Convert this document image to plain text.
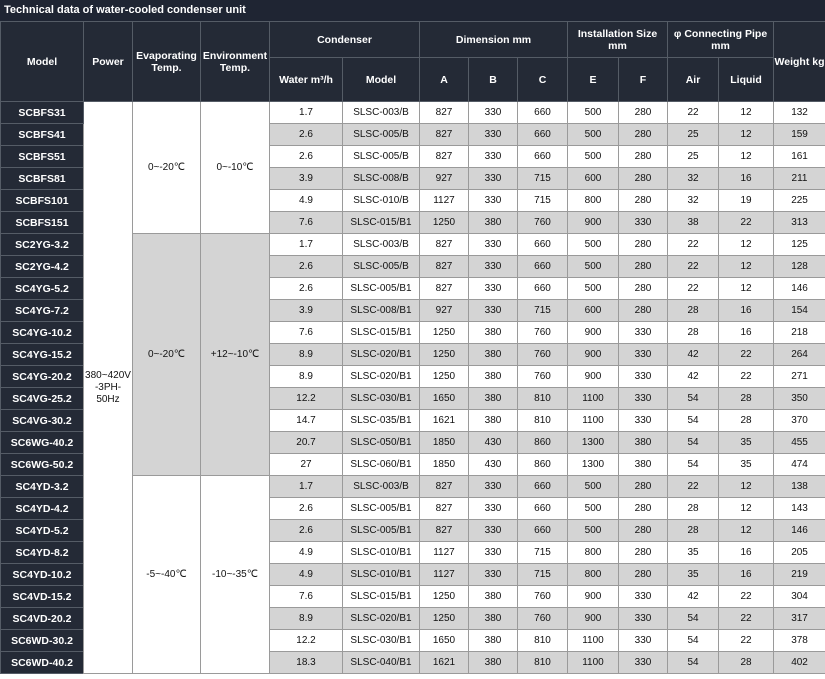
Technical data of water-cooled condenser unit
Model	Power	Evaporating Temp.	Environment Temp.	Condenser		Dimension mm			Installation Size mm		φ Connecting Pipe mm		Weight kg
				Water m³/h	Model	A	B	C	E	F	Air	Liquid	
SCBFS31	380~420V -3PH-50Hz	0~-20℃	0~-10℃	1.7	SLSC-003/B	827	330	660	500	280	22	12	132
SCBFS41				2.6	SLSC-005/B	827	330	660	500	280	25	12	159
SCBFS51				2.6	SLSC-005/B	827	330	660	500	280	25	12	161
SCBFS81				3.9	SLSC-008/B	927	330	715	600	280	32	16	211
SCBFS101				4.9	SLSC-010/B	1127	330	715	800	280	32	19	225
SCBFS151				7.6	SLSC-015/B1	1250	380	760	900	330	38	22	313
SC2YG-3.2		0~-20℃	+12~-10℃	1.7	SLSC-003/B	827	330	660	500	280	22	12	125
SC2YG-4.2				2.6	SLSC-005/B	827	330	660	500	280	22	12	128
SC4YG-5.2				2.6	SLSC-005/B1	827	330	660	500	280	22	12	146
SC4YG-7.2				3.9	SLSC-008/B1	927	330	715	600	280	28	16	154
SC4YG-10.2				7.6	SLSC-015/B1	1250	380	760	900	330	28	16	218
SC4YG-15.2				8.9	SLSC-020/B1	1250	380	760	900	330	42	22	264
SC4YG-20.2				8.9	SLSC-020/B1	1250	380	760	900	330	42	22	271
SC4VG-25.2				12.2	SLSC-030/B1	1650	380	810	1100	330	54	28	350
SC4VG-30.2				14.7	SLSC-035/B1	1621	380	810	1100	330	54	28	370
SC6WG-40.2				20.7	SLSC-050/B1	1850	430	860	1300	380	54	35	455
SC6WG-50.2				27	SLSC-060/B1	1850	430	860	1300	380	54	35	474
SC4YD-3.2		-5~-40℃	-10~-35℃	1.7	SLSC-003/B	827	330	660	500	280	22	12	138
SC4YD-4.2				2.6	SLSC-005/B1	827	330	660	500	280	28	12	143
SC4YD-5.2				2.6	SLSC-005/B1	827	330	660	500	280	28	12	146
SC4YD-8.2				4.9	SLSC-010/B1	1127	330	715	800	280	35	16	205
SC4YD-10.2				4.9	SLSC-010/B1	1127	330	715	800	280	35	16	219
SC4VD-15.2				7.6	SLSC-015/B1	1250	380	760	900	330	42	22	304
SC4VD-20.2				8.9	SLSC-020/B1	1250	380	760	900	330	54	22	317
SC6WD-30.2				12.2	SLSC-030/B1	1650	380	810	1100	330	54	22	378
SC6WD-40.2				18.3	SLSC-040/B1	1621	380	810	1100	330	54	28	402
